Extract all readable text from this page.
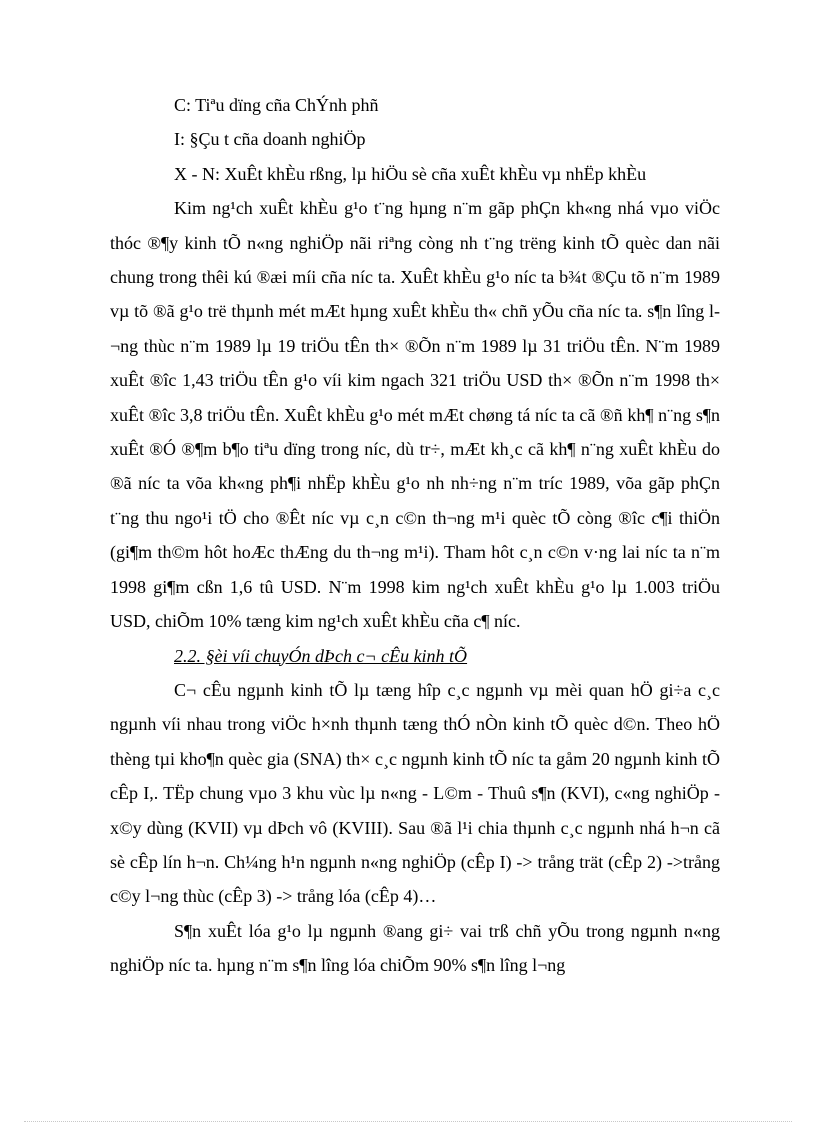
C: Tiªu dïng cña ChÝnh phñ

I: §Çu t cña doanh nghiÖp

X - N: XuÊt khÈu rßng, lµ hiÖu sè cña xuÊt khÈu vµ nhËp khÈu

Kim ng¹ch xuÊt khÈu g¹o t¨ng hµng n¨m gãp phÇn kh«ng nhá vµo viÖc thóc ®¶y kinh tÕ n«ng nghiÖp nãi riªng còng nh t¨ng trëng kinh tÕ quèc dan nãi chung trong thêi kú ®æi míi cña níc ta. XuÊt khÈu g¹o níc ta b¾t ®Çu tõ n¨m 1989 vµ tõ ®ã g¹o trë thµnh mét mÆt hµng xuÊt khÈu th« chñ yÕu cña níc ta. s¶n lîng l¬ng thùc n¨m 1989 lµ 19 triÖu tÊn th× ®Õn n¨m 1989 lµ 31 triÖu tÊn. N¨m 1989 xuÊt ®îc 1,43 triÖu tÊn g¹o víi kim ngach 321 triÖu USD th× ®Õn n¨m 1998 th× xuÊt ®îc 3,8 triÖu tÊn. XuÊt khÈu g¹o mét mÆt chøng tá níc ta cã ®ñ kh¶ n¨ng s¶n xuÊt ®Ó ®¶m b¶o tiªu dïng trong níc, dù tr÷, mÆt kh¸c cã kh¶ n¨ng xuÊt khÈu do ®ã níc ta võa kh«ng ph¶i nhËp khÈu g¹o nh nh÷ng n¨m tríc 1989, võa gãp phÇn t¨ng thu ngo¹i tÖ cho ®Êt níc vµ c¸n c©n th¬ng m¹i quèc tÕ còng ®îc c¶i thiÖn (gi¶m th©m hôt hoÆc thÆng du th¬ng m¹i). Tham hôt c¸n c©n v·ng lai níc ta n¨m 1998 gi¶m cßn 1,6 tû USD. N¨m 1998 kim ng¹ch xuÊt khÈu g¹o lµ 1.003 triÖu USD, chiÕm 10% tæng kim ng¹ch xuÊt khÈu cña c¶ níc.

2.2. §èi víi chuyÓn dÞch c¬ cÊu kinh tÕ

C¬ cÊu ngµnh kinh tÕ lµ tæng hîp c¸c ngµnh vµ mèi quan hÖ gi÷a c¸c ngµnh víi nhau trong viÖc h×nh thµnh tæng thÓ nÒn kinh tÕ quèc d©n. Theo hÖ thèng tµi kho¶n quèc gia (SNA) th× c¸c ngµnh kinh tÕ níc ta gåm 20 ngµnh kinh tÕ cÊp I,. TËp chung vµo 3 khu vùc lµ n«ng - L©m - Thuû s¶n (KVI), c«ng nghiÖp - x©y dùng (KVII) vµ dÞch vô (KVIII). Sau ®ã l¹i chia thµnh c¸c ngµnh nhá h¬n cã sè cÊp lín h¬n. Ch¼ng h¹n ngµnh n«ng nghiÖp (cÊp I) -> trång trät (cÊp 2) ->trång c©y l¬ng thùc (cÊp 3) -> trång lóa (cÊp 4)…

S¶n xuÊt lóa g¹o lµ ngµnh ®ang gi÷ vai trß chñ yÕu trong ngµnh n«ng nghiÖp níc ta. hµng n¨m s¶n lîng lóa chiÕm 90% s¶n lîng l¬ng
